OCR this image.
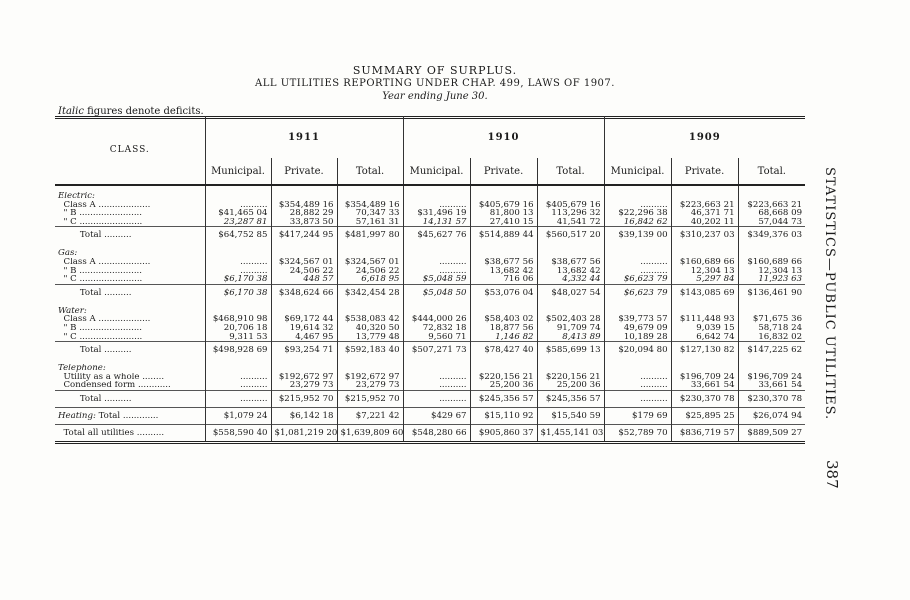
SUMMARY OF SURPLUS.
ALL UTILITIES REPORTING UNDER CHAP. 499, LAWS OF 1907.
Year ending June 30.
Italic figures denote deficits.
STATISTICS—PUBLIC UTILITIES.
387
CLASS.	1911			1910			1909		
	Municipal.	Private.	Total.	Municipal.	Private.	Total.	Municipal.	Private.	Total.

Electric:									
Class A ...................	..........	$354,489 16	$354,489 16	..........	$405,679 16	$405,679 16	..........	$223,663 21	$223,663 21
" B .......................	$41,465 04	28,882 29	70,347 33	$31,496 19	81,800 13	113,296 32	$22,296 38	46,371 71	68,668 09
" C .......................	23,287 81	33,873 50	57,161 31	14,131 57	27,410 15	41,541 72	16,842 62	40,202 11	57,044 73
Total ..........	$64,752 85	$417,244 95	$481,997 80	$45,627 76	$514,889 44	$560,517 20	$39,139 00	$310,237 03	$349,376 03

Gas:									
Class A ...................	..........	$324,567 01	$324,567 01	..........	$38,677 56	$38,677 56	..........	$160,689 66	$160,689 66
" B .......................	..........	24,506 22	24,506 22	..........	13,682 42	13,682 42	..........	12,304 13	12,304 13
" C .......................	$6,170 38	448 57	6,618 95	$5,048 59	716 06	4,332 44	$6,623 79	5,297 84	11,923 63
Total ..........	$6,170 38	$348,624 66	$342,454 28	$5,048 50	$53,076 04	$48,027 54	$6,623 79	$143,085 69	$136,461 90

Water:									
Class A ...................	$468,910 98	$69,172 44	$538,083 42	$444,000 26	$58,403 02	$502,403 28	$39,773 57	$111,448 93	$71,675 36
" B .......................	20,706 18	19,614 32	40,320 50	72,832 18	18,877 56	91,709 74	49,679 09	9,039 15	58,718 24
" C .......................	9,311 53	4,467 95	13,779 48	9,560 71	1,146 82	8,413 89	10,189 28	6,642 74	16,832 02
Total ..........	$498,928 69	$93,254 71	$592,183 40	$507,271 73	$78,427 40	$585,699 13	$20,094 80	$127,130 82	$147,225 62

Telephone:									
Utility as a whole ........	..........	$192,672 97	$192,672 97	..........	$220,156 21	$220,156 21	..........	$196,709 24	$196,709 24
Condensed form ............	..........	23,279 73	23,279 73	..........	25,200 36	25,200 36	..........	33,661 54	33,661 54
Total ..........	..........	$215,952 70	$215,952 70	..........	$245,356 57	$245,356 57	..........	$230,370 78	$230,370 78
Heating: Total .............	$1,079 24	$6,142 18	$7,221 42	$429 67	$15,110 92	$15,540 59	$179 69	$25,895 25	$26,074 94
Total all utilities ..........	$558,590 40	$1,081,219 20	$1,639,809 60	$548,280 66	$905,860 37	$1,455,141 03	$52,789 70	$836,719 57	$889,509 27
